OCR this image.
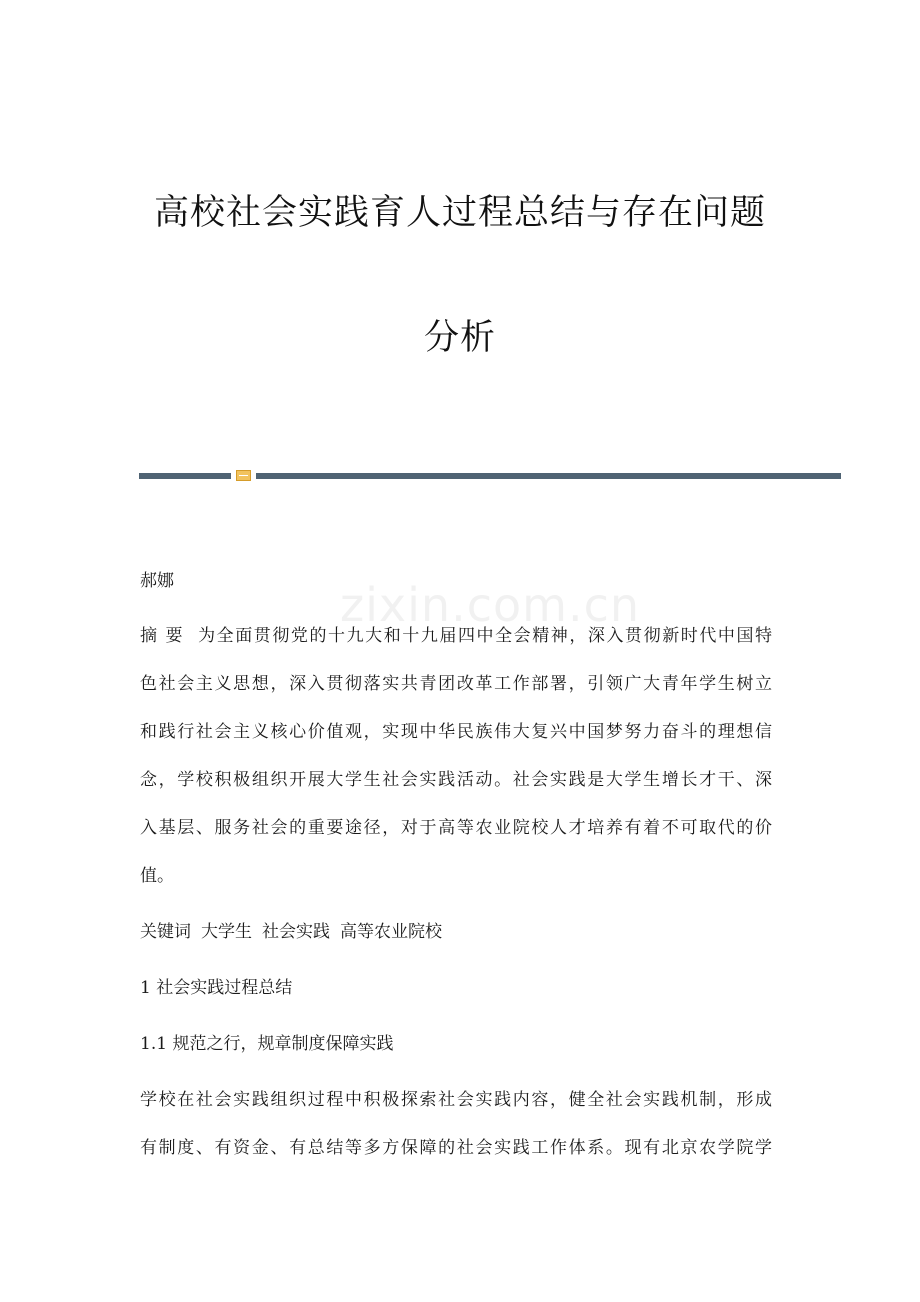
高校社会实践育人过程总结与存在问题
分析
zixin.com.cn
郝娜
摘 要 为全面贯彻党的十九大和十九届四中全会精神，深入贯彻新时代中国特
色社会主义思想，深入贯彻落实共青团改革工作部署，引领广大青年学生树立
和践行社会主义核心价值观，实现中华民族伟大复兴中国梦努力奋斗的理想信
念，学校积极组织开展大学生社会实践活动。社会实践是大学生增长才干、深
入基层、服务社会的重要途径，对于高等农业院校人才培养有着不可取代的价
值。
关键词 大学生 社会实践 高等农业院校
1 社会实践过程总结
1.1 规范之行，规章制度保障实践
学校在社会实践组织过程中积极探索社会实践内容，健全社会实践机制，形成
有制度、有资金、有总结等多方保障的社会实践工作体系。现有北京农学院学
